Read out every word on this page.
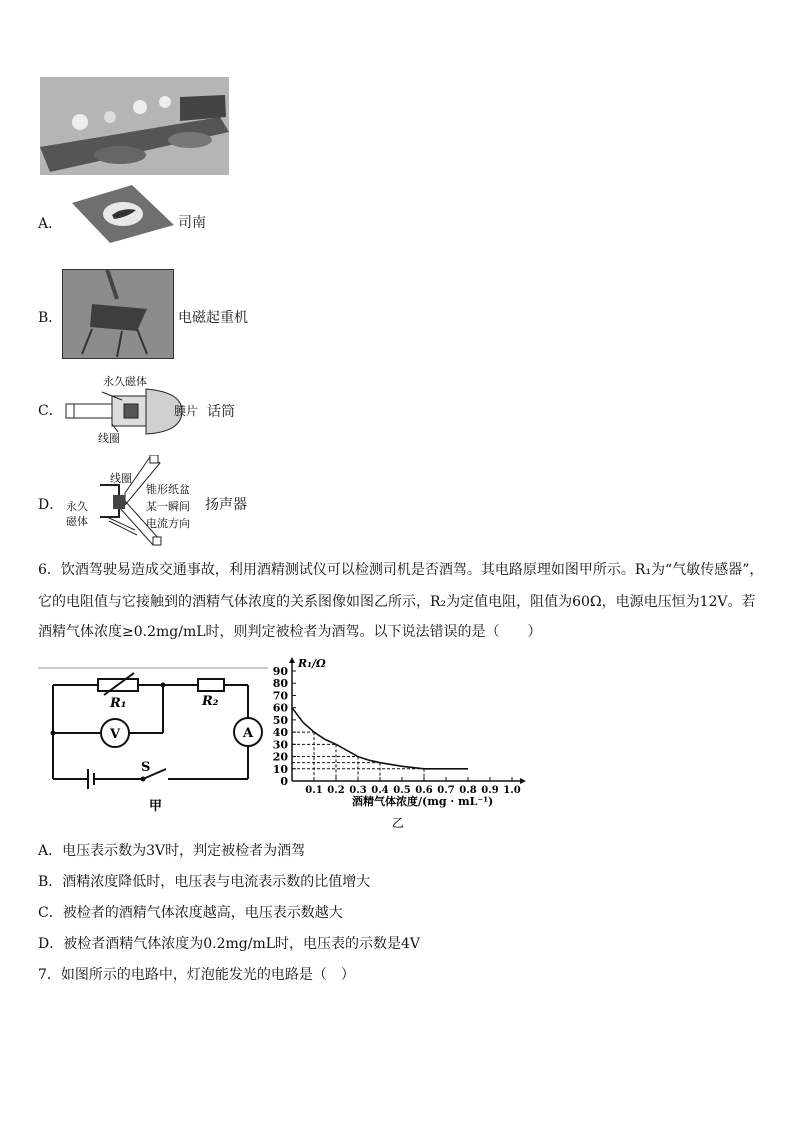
A．	司南
B．	电磁起重机
C．
永久磁体
膜片
线圈
话筒
D．
线圈
永久
磁体
锥形纸盆
某一瞬间
电流方向
扬声器
6．饮酒驾驶易造成交通事故，利用酒精测试仪可以检测司机是否酒驾。其电路原理如图甲所示。R₁为“气敏传感器”，
它的电阻值与它接触到的酒精气体浓度的关系图像如图乙所示，R₂为定值电阻，阻值为60Ω，电源电压恒为12V。若
酒精气体浓度≥0.2mg/mL时，则判定被检者为酒驾。以下说法错误的是（　　）
R₁	R₂
V	A
S
甲
R₁/Ω
酒精气体浓度/(mg · mL⁻¹)
乙
0
10
20
30
40
50
60
70
80
90
0.1 0.2 0.3 0.4 0.5 0.6 0.7 0.8 0.9 1.0
A．电压表示数为3V时，判定被检者为酒驾
B．酒精浓度降低时，电压表与电流表示数的比值增大
C．被检者的酒精气体浓度越高，电压表示数越大
D．被检者酒精气体浓度为0.2mg/mL时，电压表的示数是4V
7．如图所示的电路中，灯泡能发光的电路是（　）
